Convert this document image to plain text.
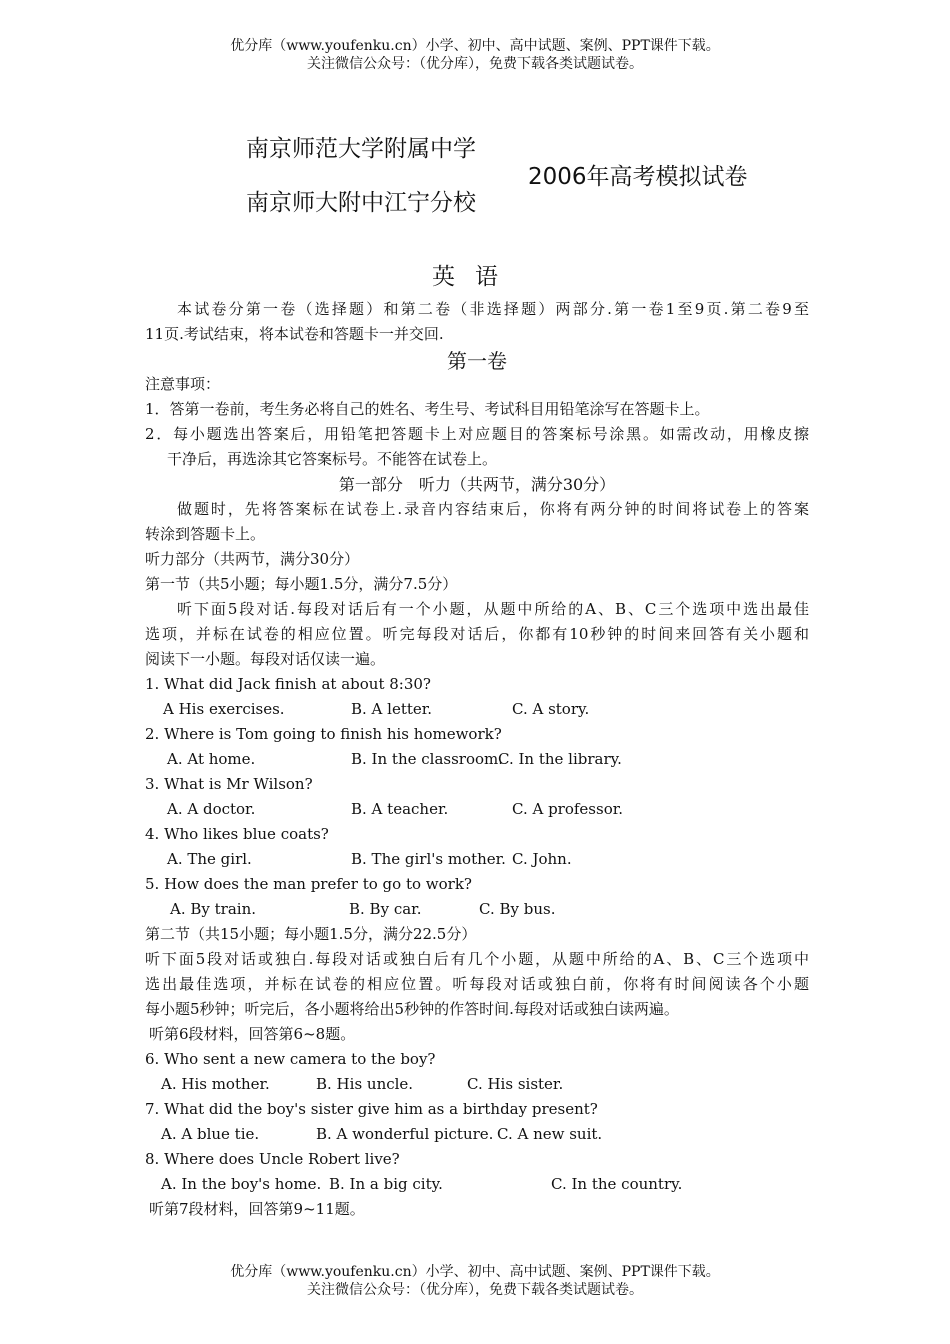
优分库（www.youfenku.cn）小学、初中、高中试题、案例、PPT课件下载。
关注微信公众号：（优分库），免费下载各类试题试卷。
南京师范大学附属中学
南京师大附中江宁分校
2006年高考模拟试卷
英语
本试卷分第一卷（选择题）和第二卷（非选择题）两部分.第一卷1至9页.第二卷9至
11页.考试结束，将本试卷和答题卡一并交回.
第一卷
注意事项：
1．答第一卷前，考生务必将自己的姓名、考生号、考试科目用铅笔涂写在答题卡上。
2．每小题选出答案后，用铅笔把答题卡上对应题目的答案标号涂黑。如需改动，用橡皮擦
干净后，再选涂其它答案标号。不能答在试卷上。
第一部分　听力（共两节，满分30分）
做题时，先将答案标在试卷上.录音内容结束后，你将有两分钟的时间将试卷上的答案
转涂到答题卡上。
听力部分（共两节，满分30分）
第一节（共5小题；每小题1.5分，满分7.5分）
听下面5段对话.每段对话后有一个小题，从题中所给的A、B、C三个选项中选出最佳
选项，并标在试卷的相应位置。听完每段对话后，你都有10秒钟的时间来回答有关小题和
阅读下一小题。每段对话仅读一遍。
1. What did Jack finish at about 8:30?
A His exercises.	B. A letter.	C. A story.
2. Where is Tom going to finish his homework?
A. At home.	B. In the classroom.
C. In the library.
3. What is Mr Wilson?
A. A doctor.	B. A teacher.	C. A professor.
4. Who likes blue coats?
A. The girl.	B. The girl's mother. C. John.
5. How does the man prefer to go to work?
A. By train.	B. By car.	C. By bus.
第二节（共15小题；每小题1.5分，满分22.5分）
听下面5段对话或独白.每段对话或独白后有几个小题，从题中所给的A、B、C三个选项中
选出最佳选项，并标在试卷的相应位置。听每段对话或独白前，你将有时间阅读各个小题
每小题5秒钟；听完后，各小题将给出5秒钟的作答时间.每段对话或独白读两遍。
听第6段材料，回答第6~8题。
6. Who sent a new camera to the boy?
A. His mother.	B. His uncle.	C. His sister.
7. What did the boy's sister give him as a birthday present?
A. A blue tie.	B. A wonderful picture. C. A new suit.
8. Where does Uncle Robert live?
A. In the boy's home. B. In a big city.	C. In the country.
听第7段材料，回答第9~11题。
优分库（www.youfenku.cn）小学、初中、高中试题、案例、PPT课件下载。
关注微信公众号：（优分库），免费下载各类试题试卷。
